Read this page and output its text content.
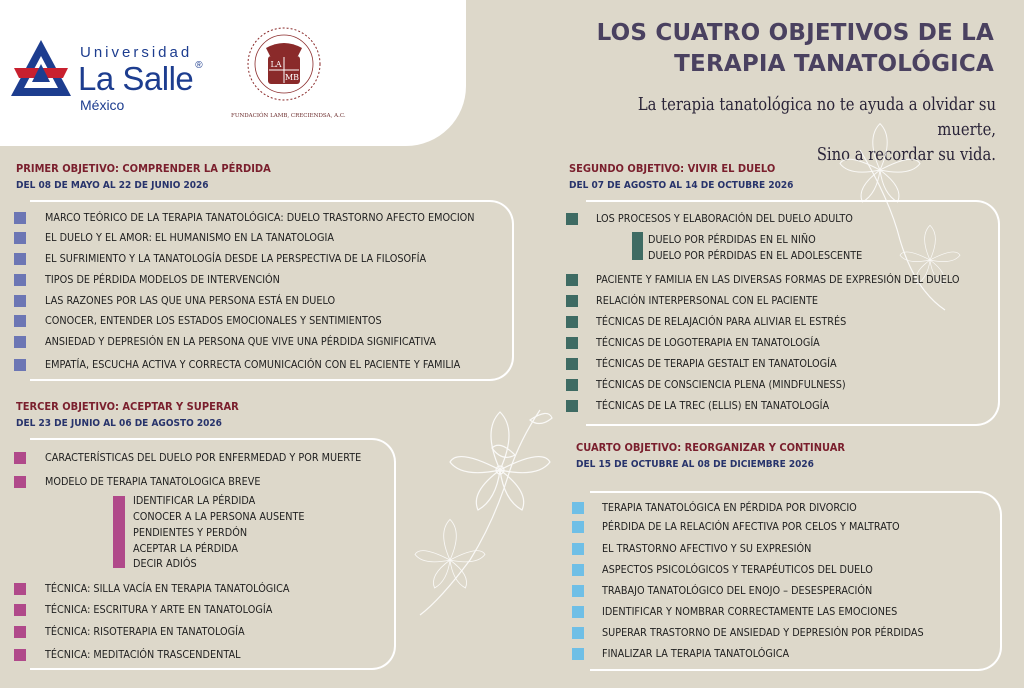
Universidad
La Salle ®
México
LA
MB
FUNDACIÓN LAMB, CRECIENDSA, A.C.
LOS CUATRO OBJETIVOS DE LA
TERAPIA TANATOLÓGICA
La terapia tanatológica no te ayuda a olvidar su muerte,
Sino a recordar su vida.
PRIMER OBJETIVO: COMPRENDER LA PÉRDIDA
DEL 08 DE MAYO AL 22 DE JUNIO 2026
MARCO TEÓRICO DE LA TERAPIA TANATOLÓGICA: DUELO TRASTORNO AFECTO EMOCION
EL DUELO Y EL AMOR: EL HUMANISMO EN LA TANATOLOGIA
EL SUFRIMIENTO Y LA TANATOLOGÍA DESDE LA PERSPECTIVA DE LA FILOSOFÍA
TIPOS DE PÉRDIDA MODELOS DE INTERVENCIÓN
LAS RAZONES POR LAS QUE UNA PERSONA ESTÁ EN DUELO
CONOCER, ENTENDER LOS ESTADOS EMOCIONALES Y SENTIMIENTOS
ANSIEDAD Y DEPRESIÓN EN LA PERSONA QUE VIVE UNA PÉRDIDA SIGNIFICATIVA
EMPATÍA, ESCUCHA ACTIVA Y CORRECTA COMUNICACIÓN CON EL PACIENTE Y FAMILIA
SEGUNDO OBJETIVO: VIVIR EL DUELO
DEL 07 DE AGOSTO AL 14 DE OCTUBRE 2026
LOS PROCESOS Y ELABORACIÓN DEL DUELO ADULTO
DUELO POR PÉRDIDAS EN EL NIÑO
DUELO POR PÉRDIDAS EN EL ADOLESCENTE
PACIENTE Y FAMILIA EN LAS DIVERSAS FORMAS DE EXPRESIÓN DEL DUELO
RELACIÓN INTERPERSONAL CON EL PACIENTE
TÉCNICAS DE RELAJACIÓN PARA ALIVIAR EL ESTRÉS
TÉCNICAS DE LOGOTERAPIA EN TANATOLOGÍA
TÉCNICAS DE TERAPIA GESTALT EN TANATOLOGÍA
TÉCNICAS DE CONSCIENCIA PLENA (MINDFULNESS)
TÉCNICAS DE LA TREC (ELLIS) EN TANATOLOGÍA
TERCER OBJETIVO: ACEPTAR Y SUPERAR
DEL 23 DE JUNIO AL 06 DE AGOSTO 2026
CARACTERÍSTICAS DEL DUELO POR ENFERMEDAD Y POR MUERTE
MODELO DE TERAPIA TANATOLOGICA BREVE
IDENTIFICAR LA PÉRDIDA
CONOCER A LA PERSONA AUSENTE
PENDIENTES Y PERDÓN
ACEPTAR LA PÉRDIDA
DECIR ADIÓS
TÉCNICA: SILLA VACÍA EN TERAPIA TANATOLÓGICA
TÉCNICA: ESCRITURA Y ARTE EN TANATOLOGÍA
TÉCNICA: RISOTERAPIA EN TANATOLOGÍA
TÉCNICA: MEDITACIÓN TRASCENDENTAL
CUARTO OBJETIVO: REORGANIZAR Y CONTINUAR
DEL 15 DE OCTUBRE AL 08 DE DICIEMBRE 2026
TERAPIA TANATOLÓGICA EN PÉRDIDA POR DIVORCIO
PÉRDIDA DE LA RELACIÓN AFECTIVA POR CELOS Y MALTRATO
EL TRASTORNO AFECTIVO Y SU EXPRESIÓN
ASPECTOS PSICOLÓGICOS Y TERAPÉUTICOS DEL DUELO
TRABAJO TANATOLÓGICO DEL ENOJO – DESESPERACIÓN
IDENTIFICAR Y NOMBRAR CORRECTAMENTE LAS EMOCIONES
SUPERAR TRASTORNO DE ANSIEDAD Y DEPRESIÓN POR PÉRDIDAS
FINALIZAR LA TERAPIA TANATOLÓGICA
